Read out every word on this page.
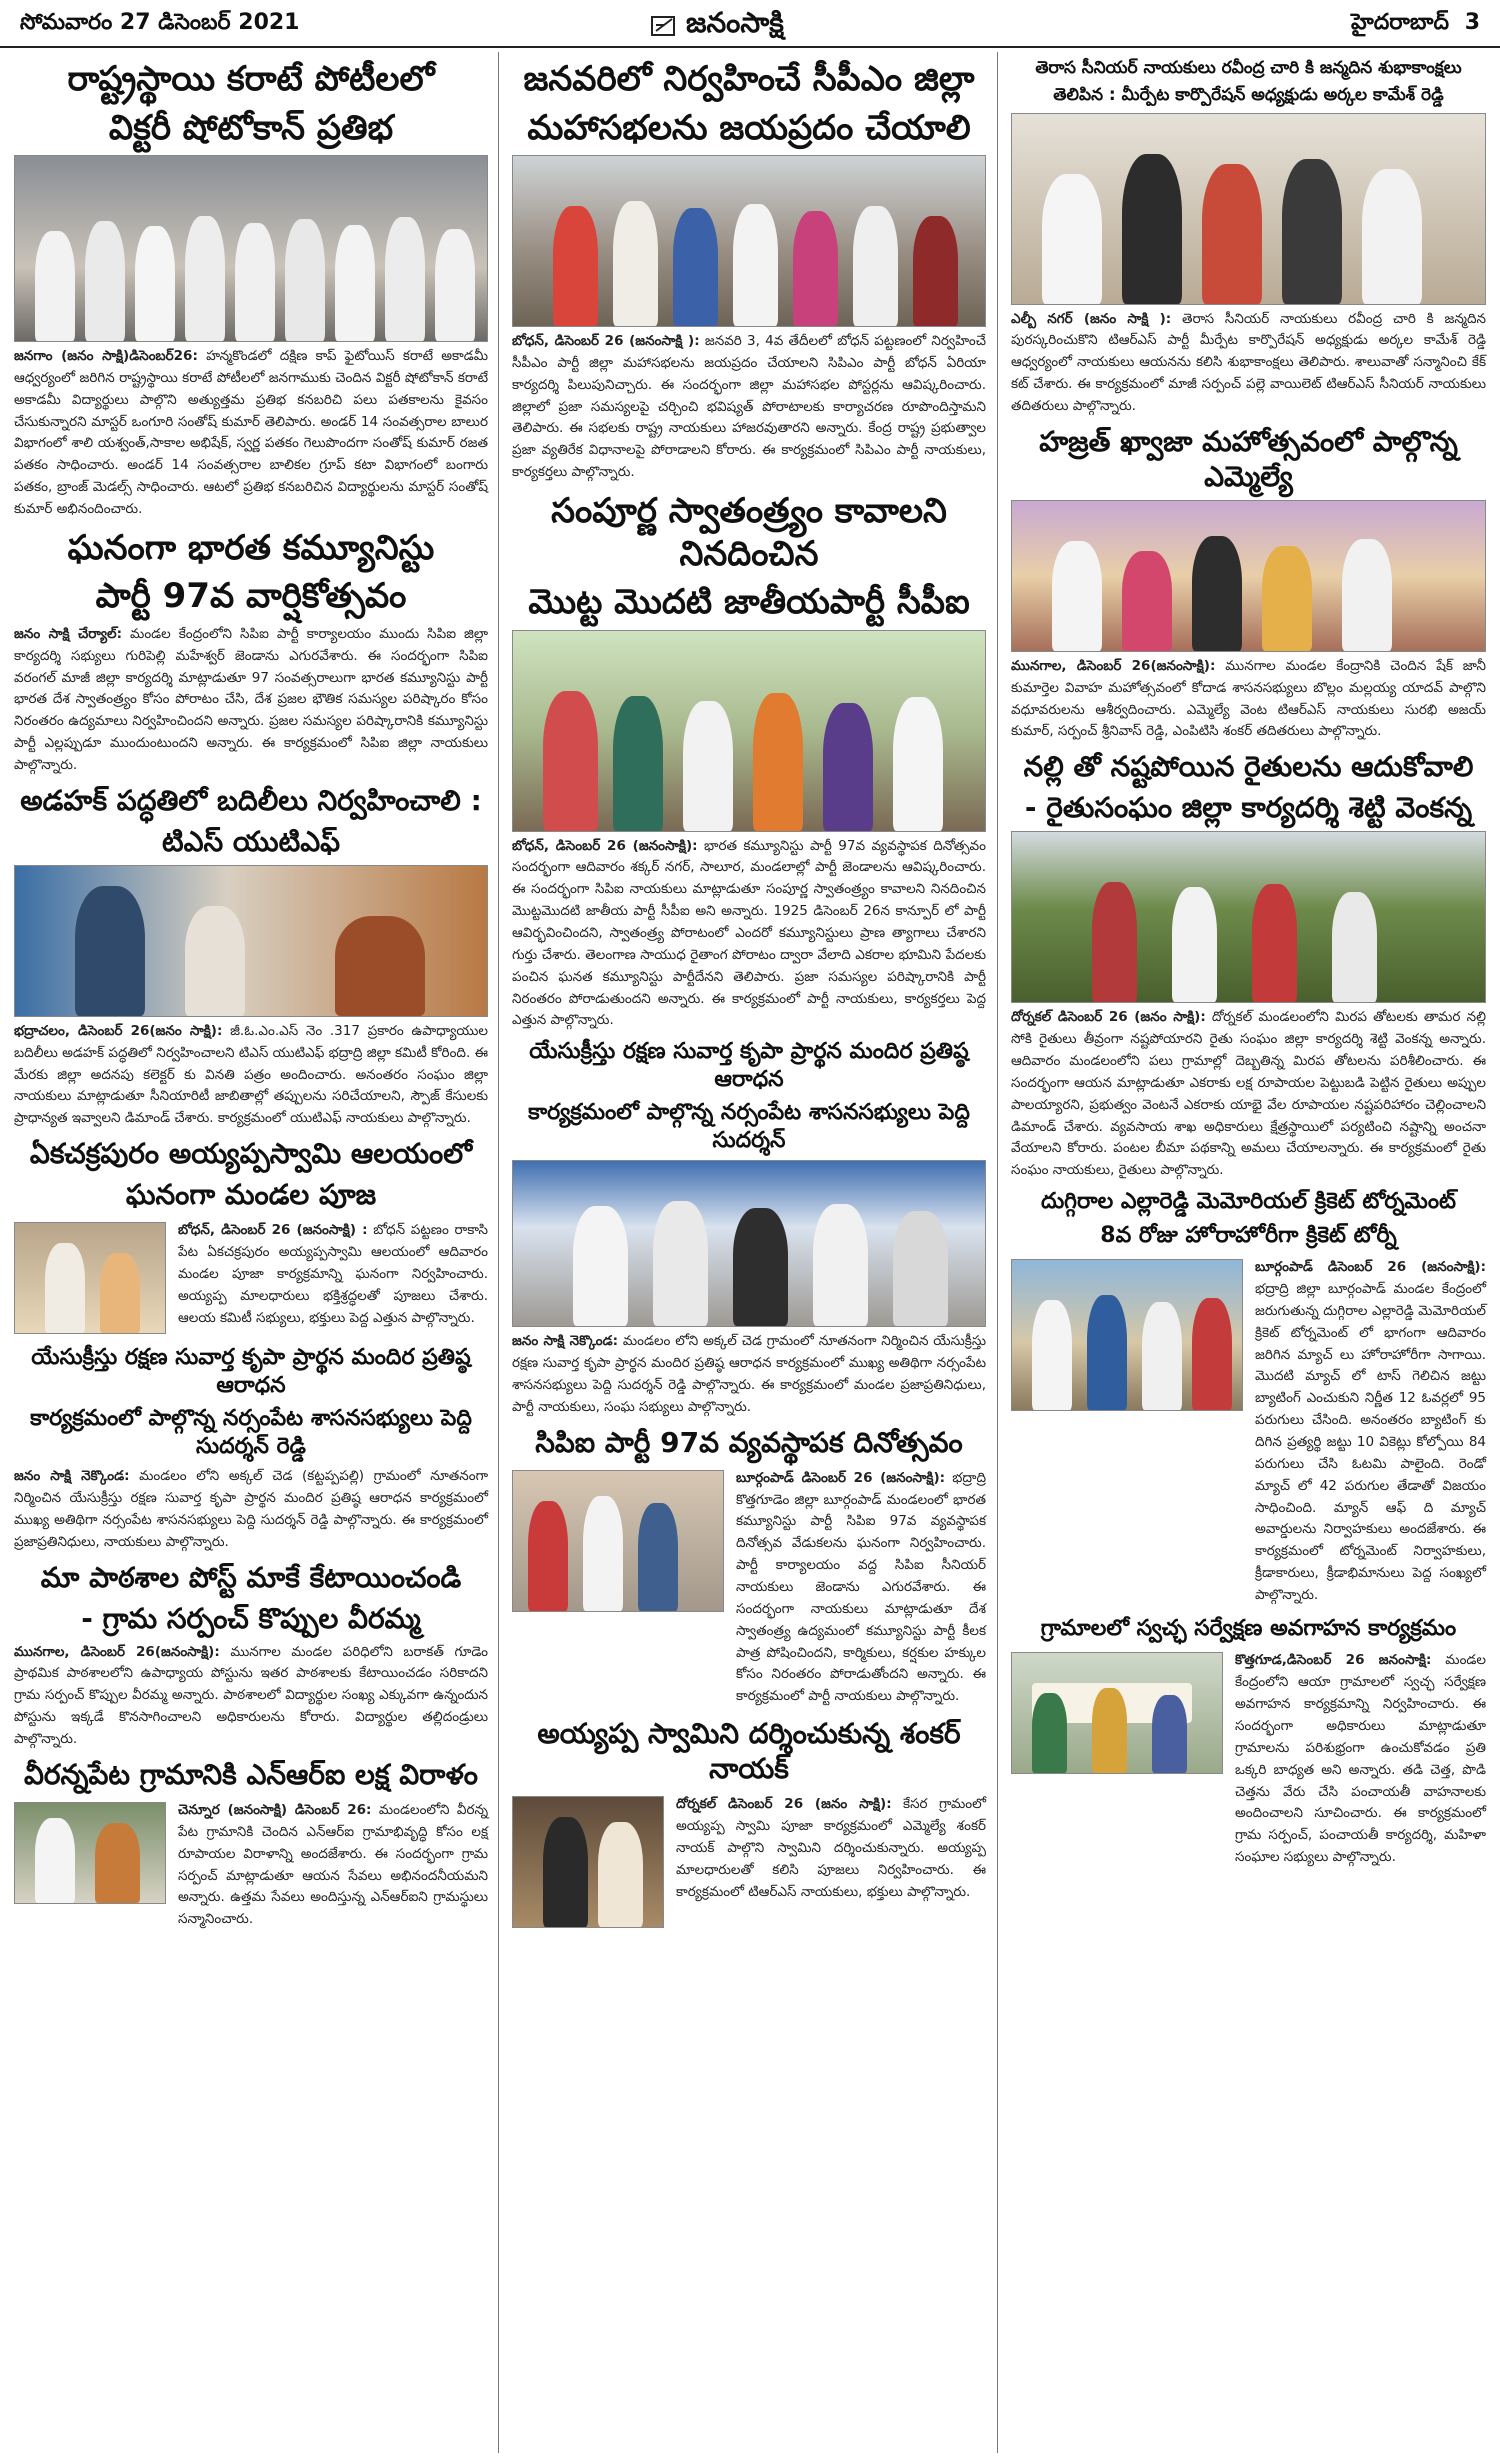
సోమవారం 27 డిసెంబర్ 2021	జనంసాక్షి	హైదరాబాద్ 3
రాష్ట్రస్థాయి కరాటే పోటీలలో
విక్టరీ షోటోకాన్ ప్రతిభ
జనగాం (జనం సాక్షి)డిసెంబర్26: హన్మకొండలో దక్షిణ కాప్ ఫైటోయిస్ కరాటే అకాడమీ ఆధ్వర్యంలో జరిగిన రాష్ట్రస్థాయి కరాటే పోటీలలో జనగాముకు చెందిన విక్టరీ షోటోకాన్ కరాటే అకాడమీ విద్యార్థులు పాల్గొని అత్యుత్తమ ప్రతిభ కనబరిచి పలు పతకాలను కైవసం చేసుకున్నారని మాస్టర్ ఒంగూరి సంతోష్ కుమార్ తెలిపారు. అండర్ 14 సంవత్సరాల బాలుర విభాగంలో శాలి యశ్వంత్,సాకాల అభిషేక్, స్వర్ణ పతకం గెలుపొందగా సంతోష్ కుమార్ రజత పతకం సాధించారు. అండర్ 14 సంవత్సరాల బాలికల గ్రూప్ కటా విభాగంలో బంగారు పతకం, బ్రాంజ్ మెడల్స్ సాధించారు. ఆటలో ప్రతిభ కనబరిచిన విద్యార్థులను మాస్టర్ సంతోష్ కుమార్ అభినందించారు.
ఘనంగా భారత కమ్యూనిస్టు
పార్టీ 97వ వార్షికోత్సవం
జనం సాక్షి చేర్యాల్: మండల కేంద్రంలోని సిపిఐ పార్టీ కార్యాలయం ముందు సిపిఐ జిల్లా కార్యదర్శి సభ్యులు గురిపెల్లి మహేశ్వర్ జెండాను ఎగురవేశారు. ఈ సందర్భంగా సిపిఐ వరంగల్ మాజీ జిల్లా కార్యదర్శి మాట్లాడుతూ 97 సంవత్సరాలుగా భారత కమ్యూనిస్టు పార్టీ భారత దేశ స్వాతంత్ర్యం కోసం పోరాటం చేసి, దేశ ప్రజల భౌతిక సమస్యల పరిష్కారం కోసం నిరంతరం ఉద్యమాలు నిర్వహించిందని అన్నారు. ప్రజల సమస్యల పరిష్కారానికి కమ్యూనిస్టు పార్టీ ఎల్లప్పుడూ ముందుంటుందని అన్నారు. ఈ కార్యక్రమంలో సిపిఐ జిల్లా నాయకులు పాల్గొన్నారు.
అడహక్ పద్ధతిలో బదిలీలు నిర్వహించాలి :
టిఎస్ యుటిఎఫ్
భద్రాచలం, డిసెంబర్ 26(జనం సాక్షి): జీ.ఓ.ఎం.ఎస్ నెం .317 ప్రకారం ఉపాధ్యాయుల బదిలీలు అడహక్ పద్ధతిలో నిర్వహించాలని టిఎస్ యుటిఎఫ్ భద్రాద్రి జిల్లా కమిటీ కోరింది. ఈ మేరకు జిల్లా అదనపు కలెక్టర్ కు వినతి పత్రం అందించారు. అనంతరం సంఘం జిల్లా నాయకులు మాట్లాడుతూ సీనియారిటీ జాబితాల్లో తప్పులను సరిచేయాలని, స్పౌజ్ కేసులకు ప్రాధాన్యత ఇవ్వాలని డిమాండ్ చేశారు. కార్యక్రమంలో యుటిఎఫ్ నాయకులు పాల్గొన్నారు.
ఏకచక్రపురం అయ్యప్పస్వామి ఆలయంలో
ఘనంగా మండల పూజ
బోధన్, డిసెంబర్ 26 (జనంసాక్షి) : బోధన్ పట్టణం రాకాసి పేట ఏకచక్రపురం అయ్యప్పస్వామి ఆలయంలో ఆదివారం మండల పూజా కార్యక్రమాన్ని ఘనంగా నిర్వహించారు. అయ్యప్ప మాలధారులు భక్తిశ్రద్ధలతో పూజలు చేశారు. ఆలయ కమిటీ సభ్యులు, భక్తులు పెద్ద ఎత్తున పాల్గొన్నారు.
యేసుక్రీస్తు రక్షణ సువార్త కృపా ప్రార్థన మందిర ప్రతిష్ఠ ఆరాధన
కార్యక్రమంలో పాల్గొన్న నర్సంపేట శాసనసభ్యులు పెద్ది సుదర్శన్ రెడ్డి
జనం సాక్షి నెక్కొండ: మండలం లోని అక్కల్ చెడ (కట్టప్పపల్లి) గ్రామంలో నూతనంగా నిర్మించిన యేసుక్రీస్తు రక్షణ సువార్త కృపా ప్రార్థన మందిర ప్రతిష్ఠ ఆరాధన కార్యక్రమంలో ముఖ్య అతిథిగా నర్సంపేట శాసనసభ్యులు పెద్ది సుదర్శన్ రెడ్డి పాల్గొన్నారు. ఈ కార్యక్రమంలో ప్రజాప్రతినిధులు, నాయకులు పాల్గొన్నారు.
మా పాఠశాల పోస్ట్ మాకే కేటాయించండి
- గ్రామ సర్పంచ్ కొప్పుల వీరమ్మ
మునగాల, డిసెంబర్ 26(జనంసాక్షి): మునగాల మండల పరిధిలోని బరాకత్ గూడెం ప్రాథమిక పాఠశాలలోని ఉపాధ్యాయ పోస్టును ఇతర పాఠశాలకు కేటాయించడం సరికాదని గ్రామ సర్పంచ్ కొప్పుల వీరమ్మ అన్నారు. పాఠశాలలో విద్యార్థుల సంఖ్య ఎక్కువగా ఉన్నందున పోస్టును ఇక్కడే కొనసాగించాలని అధికారులను కోరారు. విద్యార్థుల తల్లిదండ్రులు పాల్గొన్నారు.
వీరన్నపేట గ్రామానికి ఎన్ఆర్ఐ లక్ష విరాళం
చెన్నూర (జనంసాక్షి) డిసెంబర్ 26: మండలంలోని వీరన్న పేట గ్రామానికి చెందిన ఎన్ఆర్ఐ గ్రామాభివృద్ధి కోసం లక్ష రూపాయల విరాళాన్ని అందజేశారు. ఈ సందర్భంగా గ్రామ సర్పంచ్ మాట్లాడుతూ ఆయన సేవలు అభినందనీయమని అన్నారు. ఉత్తమ సేవలు అందిస్తున్న ఎన్ఆర్ఐని గ్రామస్థులు సన్మానించారు.
జనవరిలో నిర్వహించే సీపీఎం జిల్లా
మహాసభలను జయప్రదం చేయాలి
బోధన్, డిసెంబర్ 26 (జనంసాక్షి ): జనవరి 3, 4వ తేదీలలో బోధన్ పట్టణంలో నిర్వహించే సీపీఎం పార్టీ జిల్లా మహాసభలను జయప్రదం చేయాలని సిపిఎం పార్టీ బోధన్ ఏరియా కార్యదర్శి పిలుపునిచ్చారు. ఈ సందర్భంగా జిల్లా మహాసభల పోస్టర్లను ఆవిష్కరించారు. జిల్లాలో ప్రజా సమస్యలపై చర్చించి భవిష్యత్ పోరాటాలకు కార్యాచరణ రూపొందిస్తామని తెలిపారు. ఈ సభలకు రాష్ట్ర నాయకులు హాజరవుతారని అన్నారు. కేంద్ర రాష్ట్ర ప్రభుత్వాల ప్రజా వ్యతిరేక విధానాలపై పోరాడాలని కోరారు. ఈ కార్యక్రమంలో సిపిఎం పార్టీ నాయకులు, కార్యకర్తలు పాల్గొన్నారు.
సంపూర్ణ స్వాతంత్ర్యం కావాలని నినదించిన
మొట్ట మొదటి జాతీయపార్టీ సీపీఐ
బోధన్, డిసెంబర్ 26 (జనంసాక్షి): భారత కమ్యూనిస్టు పార్టీ 97వ వ్యవస్థాపక దినోత్సవం సందర్భంగా ఆదివారం శక్కర్ నగర్, సాలూర, మండలాల్లో పార్టీ జెండాలను ఆవిష్కరించారు. ఈ సందర్భంగా సిపిఐ నాయకులు మాట్లాడుతూ సంపూర్ణ స్వాతంత్ర్యం కావాలని నినదించిన మొట్టమొదటి జాతీయ పార్టీ సీపీఐ అని అన్నారు. 1925 డిసెంబర్ 26న కాన్పూర్ లో పార్టీ ఆవిర్భవించిందని, స్వాతంత్ర్య పోరాటంలో ఎందరో కమ్యూనిస్టులు ప్రాణ త్యాగాలు చేశారని గుర్తు చేశారు. తెలంగాణ సాయుధ రైతాంగ పోరాటం ద్వారా వేలాది ఎకరాల భూమిని పేదలకు పంచిన ఘనత కమ్యూనిస్టు పార్టీదేనని తెలిపారు. ప్రజా సమస్యల పరిష్కారానికి పార్టీ నిరంతరం పోరాడుతుందని అన్నారు. ఈ కార్యక్రమంలో పార్టీ నాయకులు, కార్యకర్తలు పెద్ద ఎత్తున పాల్గొన్నారు.
యేసుక్రీస్తు రక్షణ సువార్త కృపా ప్రార్థన మందిర ప్రతిష్ఠ ఆరాధన
కార్యక్రమంలో పాల్గొన్న నర్సంపేట శాసనసభ్యులు పెద్ది సుదర్శన్
జనం సాక్షి నెక్కొండ: మండలం లోని అక్కల్ చెడ గ్రామంలో నూతనంగా నిర్మించిన యేసుక్రీస్తు రక్షణ సువార్త కృపా ప్రార్థన మందిర ప్రతిష్ఠ ఆరాధన కార్యక్రమంలో ముఖ్య అతిథిగా నర్సంపేట శాసనసభ్యులు పెద్ది సుదర్శన్ రెడ్డి పాల్గొన్నారు. ఈ కార్యక్రమంలో మండల ప్రజాప్రతినిధులు, పార్టీ నాయకులు, సంఘ సభ్యులు పాల్గొన్నారు.
సిపిఐ పార్టీ 97వ వ్యవస్థాపక దినోత్సవం
బూర్గంపాడ్ డిసెంబర్ 26 (జనంసాక్షి): భద్రాద్రి కొత్తగూడెం జిల్లా బూర్గంపాడ్ మండలంలో భారత కమ్యూనిస్టు పార్టీ సిపిఐ 97వ వ్యవస్థాపక దినోత్సవ వేడుకలను ఘనంగా నిర్వహించారు. పార్టీ కార్యాలయం వద్ద సిపిఐ సీనియర్ నాయకులు జెండాను ఎగురవేశారు. ఈ సందర్భంగా నాయకులు మాట్లాడుతూ దేశ స్వాతంత్ర్య ఉద్యమంలో కమ్యూనిస్టు పార్టీ కీలక పాత్ర పోషించిందని, కార్మికులు, కర్షకుల హక్కుల కోసం నిరంతరం పోరాడుతోందని అన్నారు. ఈ కార్యక్రమంలో పార్టీ నాయకులు పాల్గొన్నారు.
అయ్యప్ప స్వామిని దర్శించుకున్న శంకర్ నాయక్
దోర్నకల్ డిసెంబర్ 26 (జనం సాక్షి): కేసర గ్రామంలో అయ్యప్ప స్వామి పూజా కార్యక్రమంలో ఎమ్మెల్యే శంకర్ నాయక్ పాల్గొని స్వామిని దర్శించుకున్నారు. అయ్యప్ప మాలధారులతో కలిసి పూజలు నిర్వహించారు. ఈ కార్యక్రమంలో టిఆర్ఎస్ నాయకులు, భక్తులు పాల్గొన్నారు.
తెరాస సీనియర్ నాయకులు రవీంద్ర చారి కి జన్మదిన శుభాకాంక్షలు
తెలిపిన : మీర్పేట కార్పొరేషన్ అధ్యక్షుడు అర్కల కామేశ్ రెడ్డి
ఎల్బీ నగర్ (జనం సాక్షి ): తెరాస సీనియర్ నాయకులు రవీంద్ర చారి కి జన్మదిన పురస్కరించుకొని టిఆర్ఎస్ పార్టీ మీర్పేట కార్పొరేషన్ అధ్యక్షుడు అర్కల కామేశ్ రెడ్డి ఆధ్వర్యంలో నాయకులు ఆయనను కలిసి శుభాకాంక్షలు తెలిపారు. శాలువాతో సన్మానించి కేక్ కట్ చేశారు. ఈ కార్యక్రమంలో మాజీ సర్పంచ్ పల్లె వాయిలెట్ టిఆర్ఎస్ సీనియర్ నాయకులు తదితరులు పాల్గొన్నారు.
హజ్రత్ ఖ్వాజా మహోత్సవంలో పాల్గొన్న ఎమ్మెల్యే
మునగాల, డిసెంబర్ 26(జనంసాక్షి): మునగాల మండల కేంద్రానికి చెందిన షేక్ జానీ కుమార్తెల వివాహ మహోత్సవంలో కోదాడ శాసనసభ్యులు బొల్లం మల్లయ్య యాదవ్ పాల్గొని వధూవరులను ఆశీర్వదించారు. ఎమ్మెల్యే వెంట టిఆర్ఎస్ నాయకులు సురభి అజయ్ కుమార్, సర్పంచ్ శ్రీనివాస్ రెడ్డి, ఎంపిటిసి శంకర్ తదితరులు పాల్గొన్నారు.
నల్లి తో నష్టపోయిన రైతులను ఆదుకోవాలి
- రైతుసంఘం జిల్లా కార్యదర్శి శెట్టి వెంకన్న
దోర్నకల్ డిసెంబర్ 26 (జనం సాక్షి): దోర్నకల్ మండలంలోని మిరప తోటలకు తామర నల్లి సోకి రైతులు తీవ్రంగా నష్టపోయారని రైతు సంఘం జిల్లా కార్యదర్శి శెట్టి వెంకన్న అన్నారు. ఆదివారం మండలంలోని పలు గ్రామాల్లో దెబ్బతిన్న మిరప తోటలను పరిశీలించారు. ఈ సందర్భంగా ఆయన మాట్లాడుతూ ఎకరాకు లక్ష రూపాయల పెట్టుబడి పెట్టిన రైతులు అప్పుల పాలయ్యారని, ప్రభుత్వం వెంటనే ఎకరాకు యాభై వేల రూపాయల నష్టపరిహారం చెల్లించాలని డిమాండ్ చేశారు. వ్యవసాయ శాఖ అధికారులు క్షేత్రస్థాయిలో పర్యటించి నష్టాన్ని అంచనా వేయాలని కోరారు. పంటల బీమా పథకాన్ని అమలు చేయాలన్నారు. ఈ కార్యక్రమంలో రైతు సంఘం నాయకులు, రైతులు పాల్గొన్నారు.
దుగ్గిరాల ఎల్లారెడ్డి మెమోరియల్ క్రికెట్ టోర్నమెంట్
8వ రోజు హోరాహోరీగా క్రికెట్ టోర్నీ
బూర్గంపాడ్ డిసెంబర్ 26 (జనంసాక్షి): భద్రాద్రి జిల్లా బూర్గంపాడ్ మండల కేంద్రంలో జరుగుతున్న దుగ్గిరాల ఎల్లారెడ్డి మెమోరియల్ క్రికెట్ టోర్నమెంట్ లో భాగంగా ఆదివారం జరిగిన మ్యాచ్ లు హోరాహోరీగా సాగాయి. మొదటి మ్యాచ్ లో టాస్ గెలిచిన జట్టు బ్యాటింగ్ ఎంచుకుని నిర్ణీత 12 ఓవర్లలో 95 పరుగులు చేసింది. అనంతరం బ్యాటింగ్ కు దిగిన ప్రత్యర్థి జట్టు 10 వికెట్లు కోల్పోయి 84 పరుగులు చేసి ఓటమి పాలైంది. రెండో మ్యాచ్ లో 42 పరుగుల తేడాతో విజయం సాధించింది. మ్యాన్ ఆఫ్ ది మ్యాచ్ అవార్డులను నిర్వాహకులు అందజేశారు. ఈ కార్యక్రమంలో టోర్నమెంట్ నిర్వాహకులు, క్రీడాకారులు, క్రీడాభిమానులు పెద్ద సంఖ్యలో పాల్గొన్నారు.
గ్రామాలలో స్వచ్ఛ సర్వేక్షణ అవగాహన కార్యక్రమం
కొత్తగూడ,డిసెంబర్ 26 జనంసాక్షి: మండల కేంద్రంలోని ఆయా గ్రామాలలో స్వచ్ఛ సర్వేక్షణ అవగాహన కార్యక్రమాన్ని నిర్వహించారు. ఈ సందర్భంగా అధికారులు మాట్లాడుతూ గ్రామాలను పరిశుభ్రంగా ఉంచుకోవడం ప్రతి ఒక్కరి బాధ్యత అని అన్నారు. తడి చెత్త, పొడి చెత్తను వేరు చేసి పంచాయతీ వాహనాలకు అందించాలని సూచించారు. ఈ కార్యక్రమంలో గ్రామ సర్పంచ్, పంచాయతీ కార్యదర్శి, మహిళా సంఘాల సభ్యులు పాల్గొన్నారు.
